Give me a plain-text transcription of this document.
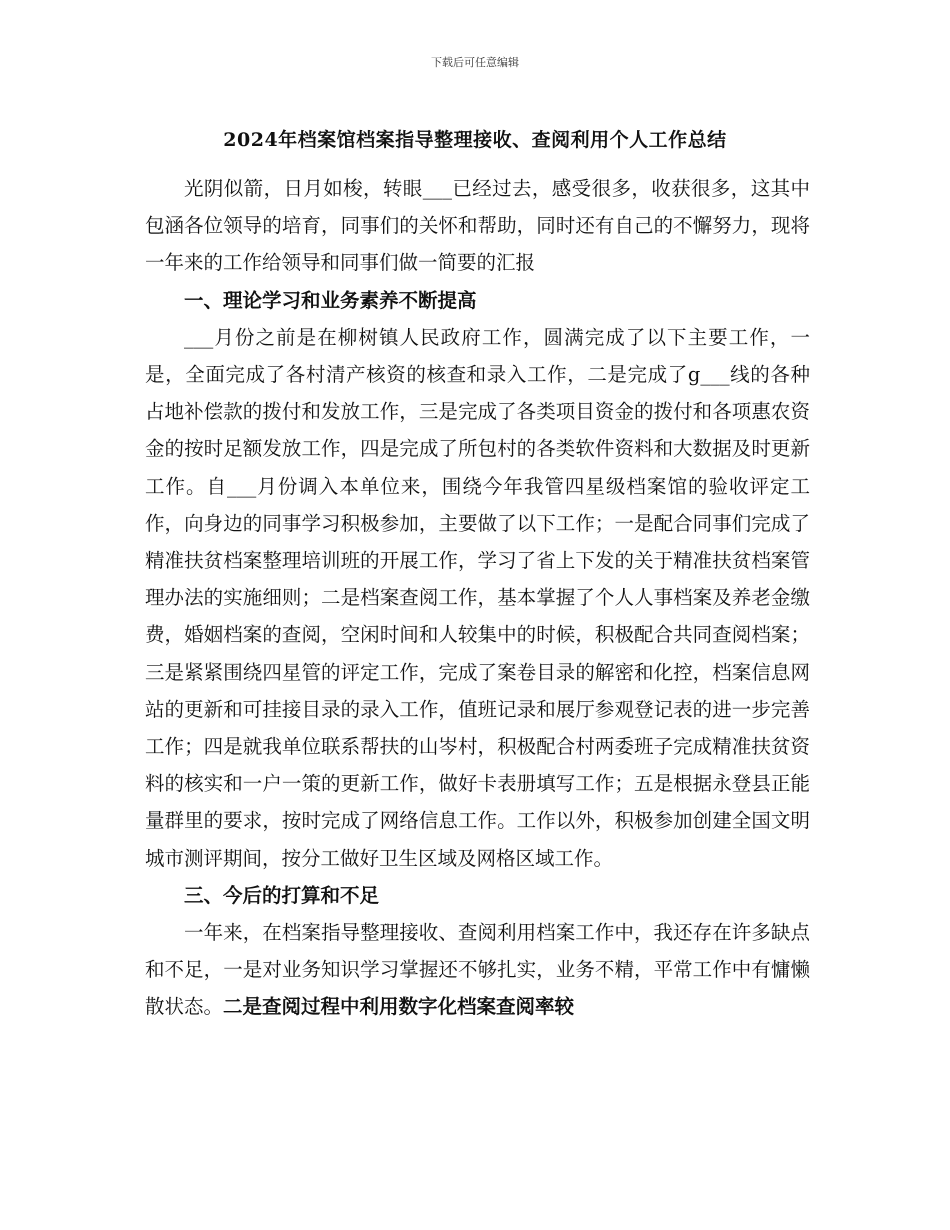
下载后可任意编辑
2024年档案馆档案指导整理接收、查阅利用个人工作总结

光阴似箭，日月如梭，转眼___已经过去，感受很多，收获很多，这其中包涵各位领导的培育，同事们的关怀和帮助，同时还有自己的不懈努力，现将一年来的工作给领导和同事们做一简要的汇报

一、理论学习和业务素养不断提高

___月份之前是在柳树镇人民政府工作，圆满完成了以下主要工作，一是，全面完成了各村清产核资的核查和录入工作，二是完成了g___线的各种占地补偿款的拨付和发放工作，三是完成了各类项目资金的拨付和各项惠农资金的按时足额发放工作，四是完成了所包村的各类软件资料和大数据及时更新工作。自___月份调入本单位来，围绕今年我管四星级档案馆的验收评定工作，向身边的同事学习积极参加，主要做了以下工作；一是配合同事们完成了精准扶贫档案整理培训班的开展工作，学习了省上下发的关于精准扶贫档案管理办法的实施细则；二是档案查阅工作，基本掌握了个人人事档案及养老金缴费，婚姻档案的查阅，空闲时间和人较集中的时候，积极配合共同查阅档案；三是紧紧围绕四星管的评定工作，完成了案卷目录的解密和化控，档案信息网站的更新和可挂接目录的录入工作，值班记录和展厅参观登记表的进一步完善工作；四是就我单位联系帮扶的山岑村，积极配合村两委班子完成精准扶贫资料的核实和一户一策的更新工作，做好卡表册填写工作；五是根据永登县正能量群里的要求，按时完成了网络信息工作。工作以外，积极参加创建全国文明城市测评期间，按分工做好卫生区域及网格区域工作。

三、今后的打算和不足

一年来，在档案指导整理接收、查阅利用档案工作中，我还存在许多缺点和不足，一是对业务知识学习掌握还不够扎实，业务不精，平常工作中有慵懒散状态。二是查阅过程中利用数字化档案查阅率较
